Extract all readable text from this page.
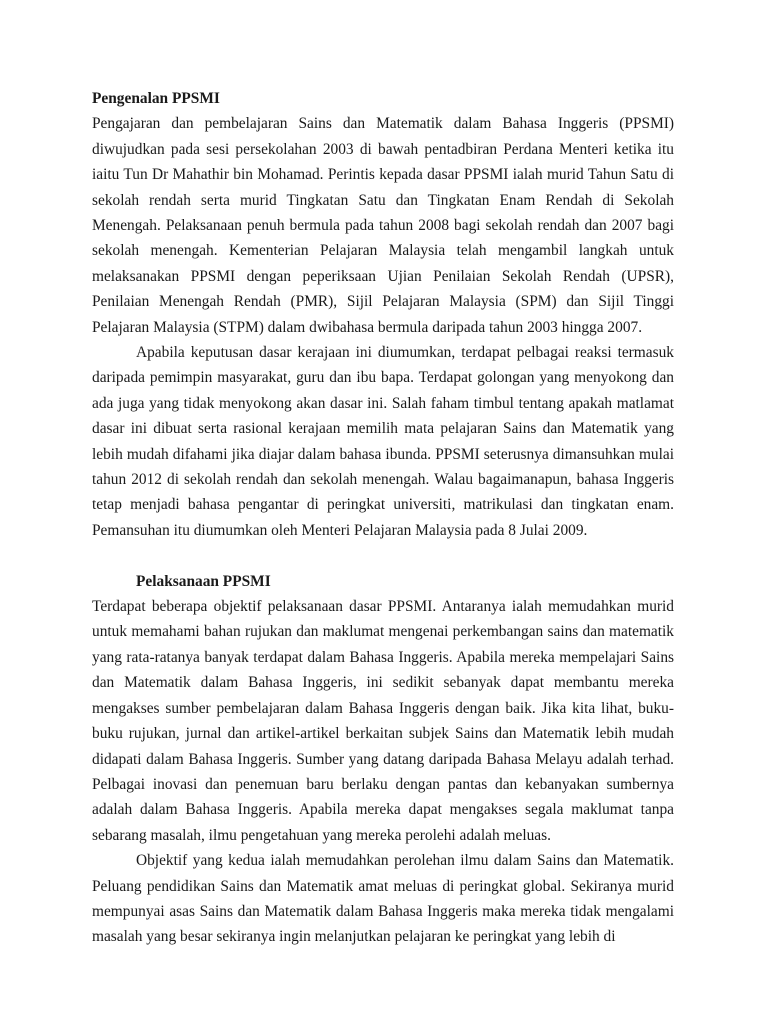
Pengenalan PPSMI

Pengajaran dan pembelajaran Sains dan Matematik dalam Bahasa Inggeris (PPSMI) diwujudkan pada sesi persekolahan 2003 di bawah pentadbiran Perdana Menteri ketika itu iaitu Tun Dr Mahathir bin Mohamad. Perintis kepada dasar PPSMI ialah murid Tahun Satu di sekolah rendah serta murid Tingkatan Satu dan Tingkatan Enam Rendah di Sekolah Menengah. Pelaksanaan penuh bermula pada tahun 2008 bagi sekolah rendah dan 2007 bagi sekolah menengah. Kementerian Pelajaran Malaysia telah mengambil langkah untuk melaksanakan PPSMI dengan peperiksaan Ujian Penilaian Sekolah Rendah (UPSR), Penilaian Menengah Rendah (PMR), Sijil Pelajaran Malaysia (SPM) dan Sijil Tinggi Pelajaran Malaysia (STPM) dalam dwibahasa bermula daripada tahun 2003 hingga 2007.

Apabila keputusan dasar kerajaan ini diumumkan, terdapat pelbagai reaksi termasuk daripada pemimpin masyarakat, guru dan ibu bapa. Terdapat golongan yang menyokong dan ada juga yang tidak menyokong akan dasar ini. Salah faham timbul tentang apakah matlamat dasar ini dibuat serta rasional kerajaan memilih mata pelajaran Sains dan Matematik yang lebih mudah difahami jika diajar dalam bahasa ibunda. PPSMI seterusnya dimansuhkan mulai tahun 2012 di sekolah rendah dan sekolah menengah. Walau bagaimanapun, bahasa Inggeris tetap menjadi bahasa pengantar di peringkat universiti, matrikulasi dan tingkatan enam. Pemansuhan itu diumumkan oleh Menteri Pelajaran Malaysia pada 8 Julai 2009.

Pelaksanaan PPSMI

Terdapat beberapa objektif pelaksanaan dasar PPSMI. Antaranya ialah memudahkan murid untuk memahami bahan rujukan dan maklumat mengenai perkembangan sains dan matematik yang rata-ratanya banyak terdapat dalam Bahasa Inggeris. Apabila mereka mempelajari Sains dan Matematik dalam Bahasa Inggeris, ini sedikit sebanyak dapat membantu mereka mengakses sumber pembelajaran dalam Bahasa Inggeris dengan baik. Jika kita lihat, buku-buku rujukan, jurnal dan artikel-artikel berkaitan subjek Sains dan Matematik lebih mudah didapati dalam Bahasa Inggeris. Sumber yang datang daripada Bahasa Melayu adalah terhad. Pelbagai inovasi dan penemuan baru berlaku dengan pantas dan kebanyakan sumbernya adalah dalam Bahasa Inggeris. Apabila mereka dapat mengakses segala maklumat tanpa sebarang masalah, ilmu pengetahuan yang mereka perolehi adalah meluas.

Objektif yang kedua ialah memudahkan perolehan ilmu dalam Sains dan Matematik. Peluang pendidikan Sains dan Matematik amat meluas di peringkat global. Sekiranya murid mempunyai asas Sains dan Matematik dalam Bahasa Inggeris maka mereka tidak mengalami masalah yang besar sekiranya ingin melanjutkan pelajaran ke peringkat yang lebih di
